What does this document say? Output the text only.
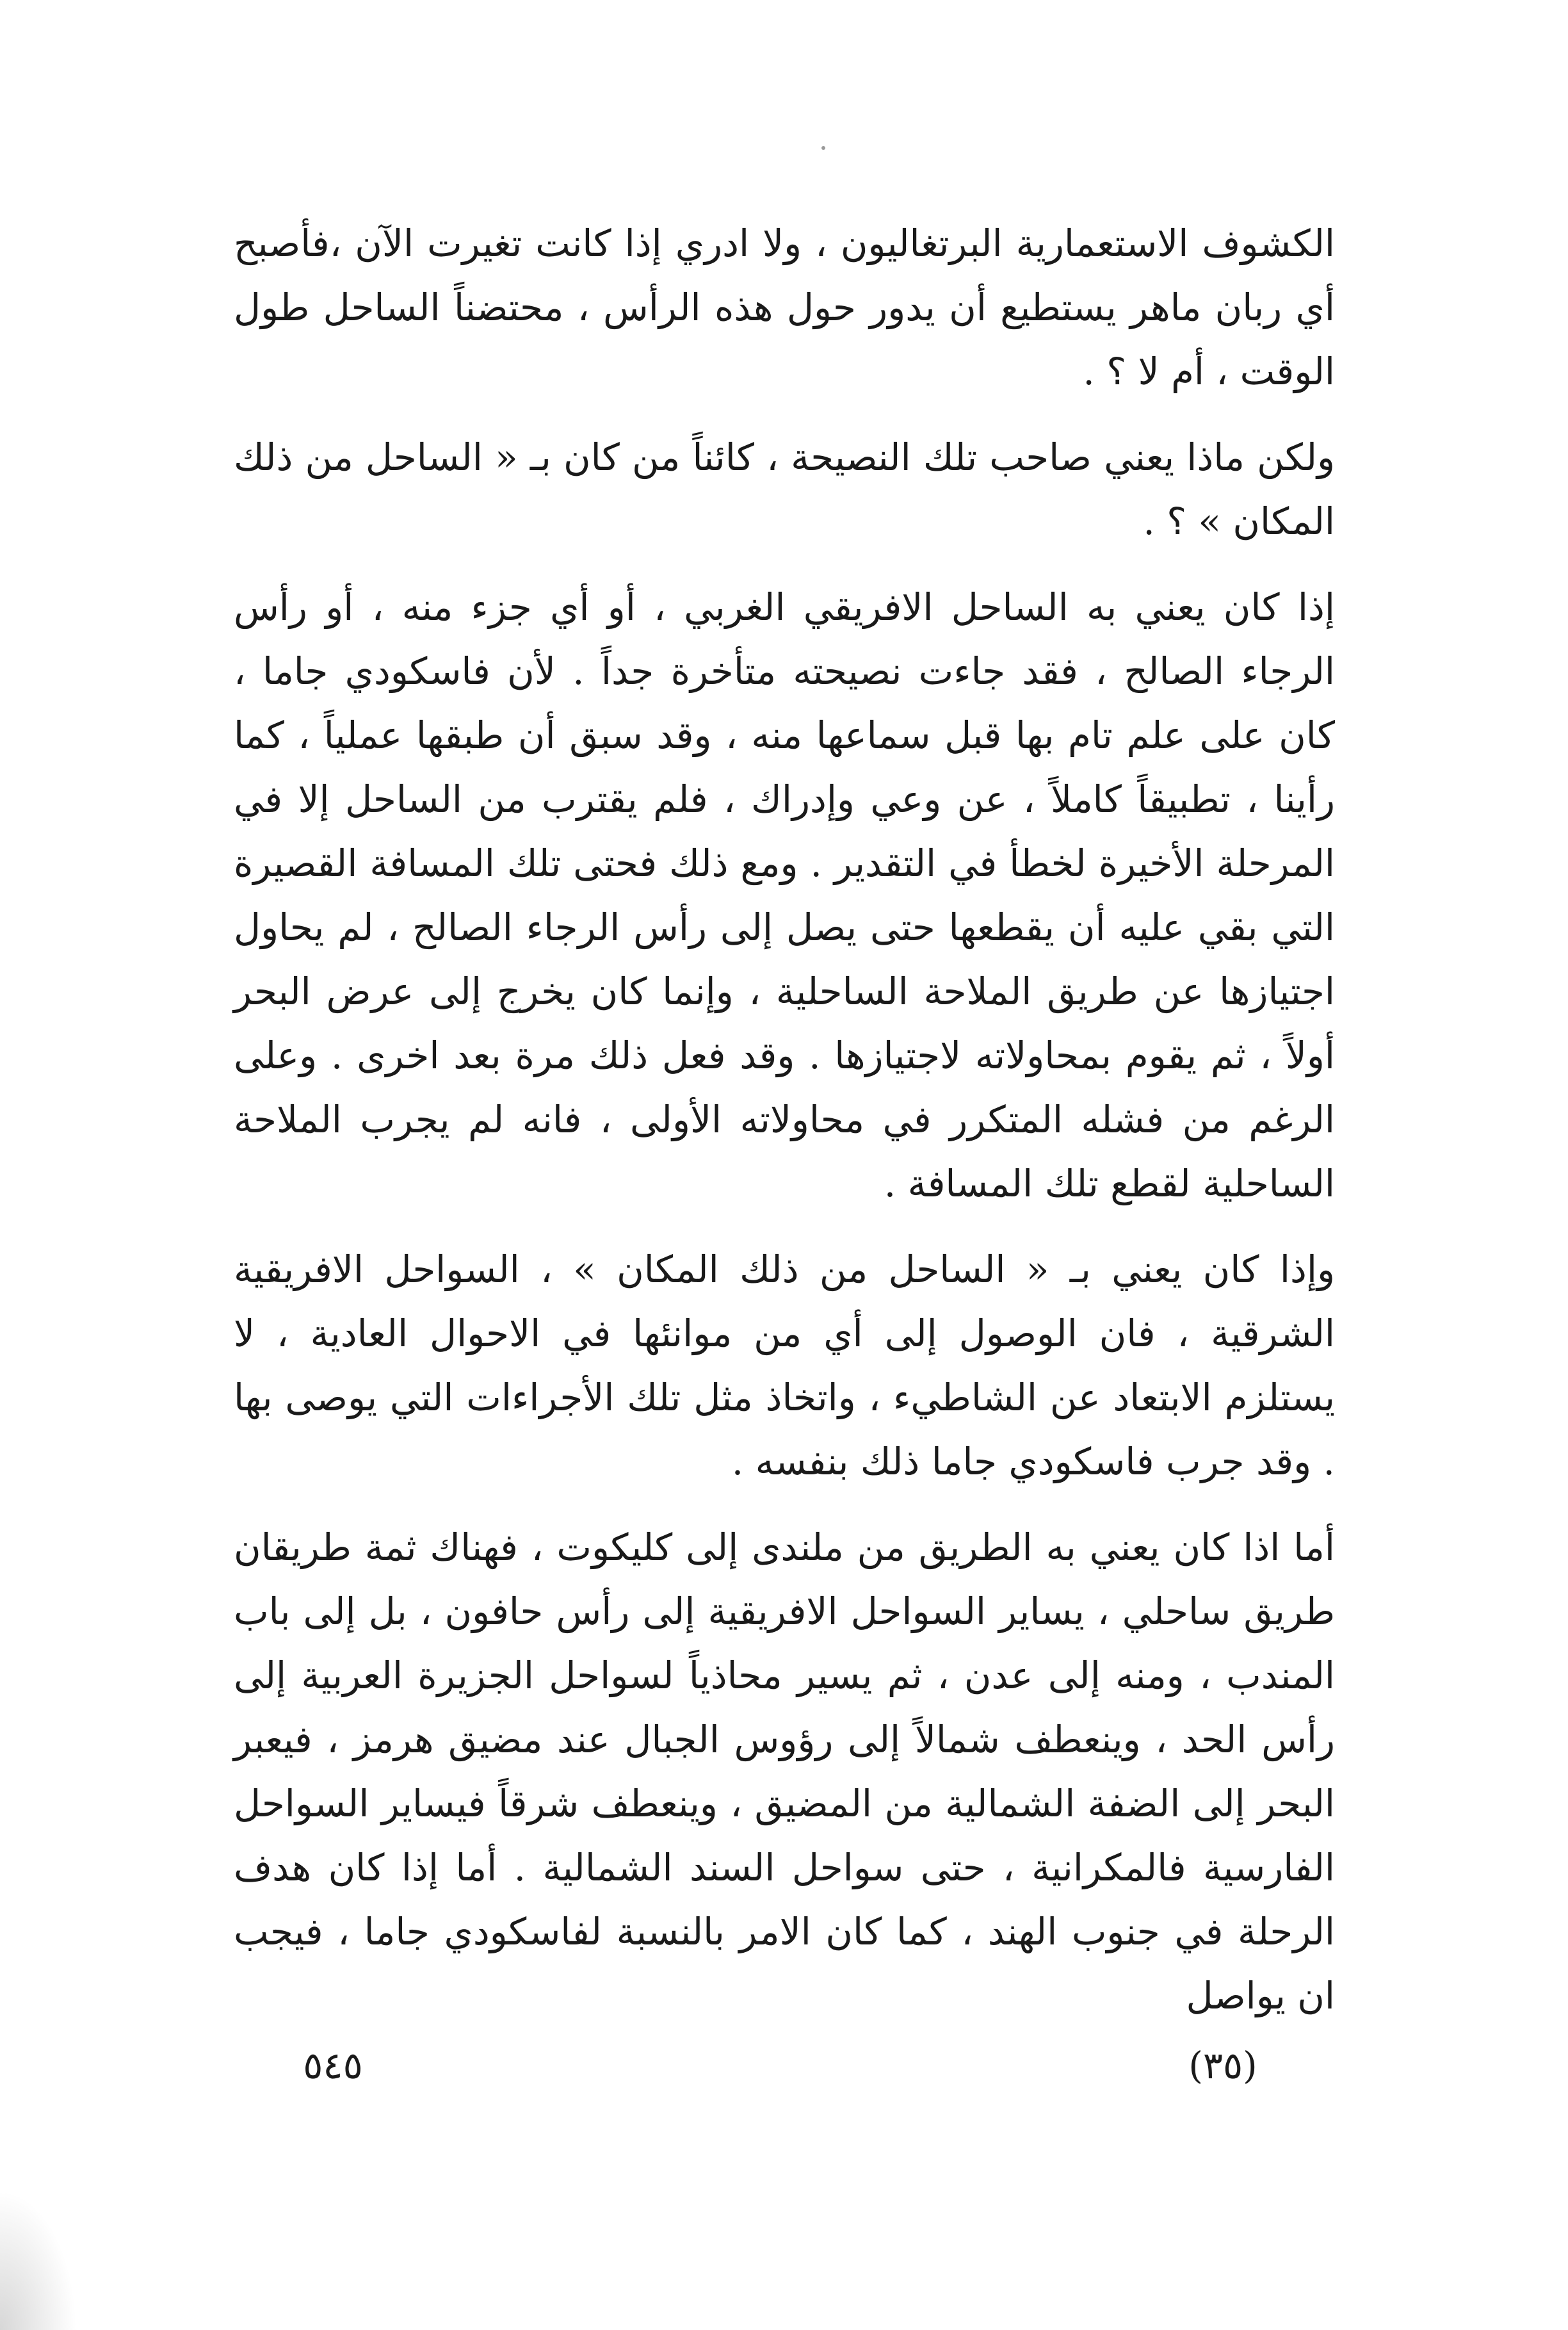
الكشوف الاستعمارية البرتغاليون ، ولا ادري إذا كانت تغيرت الآن ،فأصبح أي ربان ماهر يستطيع أن يدور حول هذه الرأس ، محتضناً الساحل طول الوقت ، أم لا ؟ .

ولكن ماذا يعني صاحب تلك النصيحة ، كائناً من كان بـ « الساحل من ذلك المكان » ؟ .

إذا كان يعني به الساحل الافريقي الغربي ، أو أي جزء منه ، أو رأس الرجاء الصالح ، فقد جاءت نصيحته متأخرة جداً . لأن فاسكودي جاما ، كان على علم تام بها قبل سماعها منه ، وقد سبق أن طبقها عملياً ، كما رأينا ، تطبيقاً كاملاً ، عن وعي وإدراك ، فلم يقترب من الساحل إلا في المرحلة الأخيرة لخطأ في التقدير . ومع ذلك فحتى تلك المسافة القصيرة التي بقي عليه أن يقطعها حتى يصل إلى رأس الرجاء الصالح ، لم يحاول اجتيازها عن طريق الملاحة الساحلية ، وإنما كان يخرج إلى عرض البحر أولاً ، ثم يقوم بمحاولاته لاجتيازها . وقد فعل ذلك مرة بعد اخرى . وعلى الرغم من فشله المتكرر في محاولاته الأولى ، فانه لم يجرب الملاحة الساحلية لقطع تلك المسافة .

وإذا كان يعني بـ « الساحل من ذلك المكان » ، السواحل الافريقية الشرقية ، فان الوصول إلى أي من موانئها في الاحوال العادية ، لا يستلزم الابتعاد عن الشاطيء ، واتخاذ مثل تلك الأجراءات التي يوصى بها . وقد جرب فاسكودي جاما ذلك بنفسه .

أما اذا كان يعني به الطريق من ملندى إلى كليكوت ، فهناك ثمة طريقان طريق ساحلي ، يساير السواحل الافريقية إلى رأس حافون ، بل إلى باب المندب ، ومنه إلى عدن ، ثم يسير محاذياً لسواحل الجزيرة العربية إلى رأس الحد ، وينعطف شمالاً إلى رؤوس الجبال عند مضيق هرمز ، فيعبر البحر إلى الضفة الشمالية من المضيق ، وينعطف شرقاً فيساير السواحل الفارسية فالمكرانية ، حتى سواحل السند الشمالية . أما إذا كان هدف الرحلة في جنوب الهند ، كما كان الامر بالنسبة لفاسكودي جاما ، فيجب ان يواصل

(٣٥)
٥٤٥
